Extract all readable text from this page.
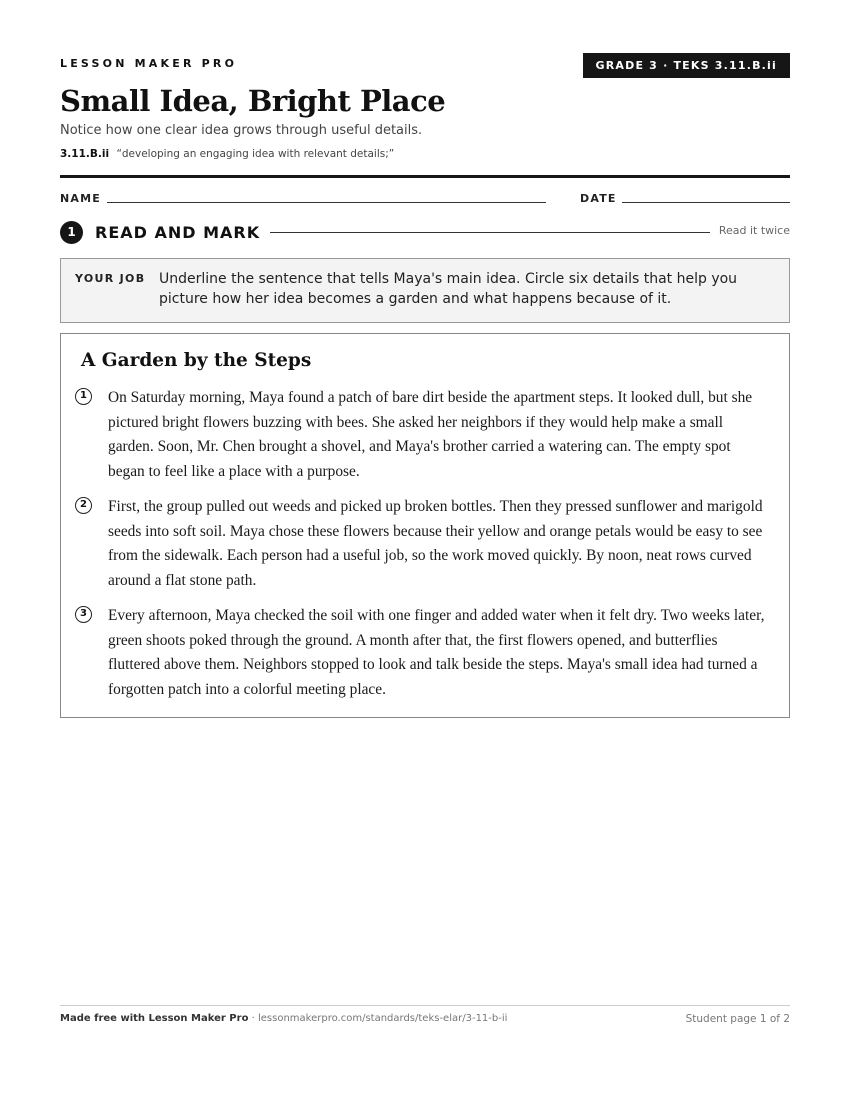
LESSON MAKER PRO	GRADE 3 · TEKS 3.11.B.ii
Small Idea, Bright Place
Notice how one clear idea grows through useful details.
3.11.B.ii “developing an engaging idea with relevant details;”
NAME	DATE
1	READ AND MARK	Read it twice
YOUR JOB Underline the sentence that tells Maya's main idea. Circle six details that help you picture how her idea becomes a garden and what happens because of it.
A Garden by the Steps
1	On Saturday morning, Maya found a patch of bare dirt beside the apartment steps. It looked dull, but she pictured bright flowers buzzing with bees. She asked her neighbors if they would help make a small garden. Soon, Mr. Chen brought a shovel, and Maya's brother carried a watering can. The empty spot began to feel like a place with a purpose.

2	First, the group pulled out weeds and picked up broken bottles. Then they pressed sunflower and marigold seeds into soft soil. Maya chose these flowers because their yellow and orange petals would be easy to see from the sidewalk. Each person had a useful job, so the work moved quickly. By noon, neat rows curved around a flat stone path.

3	Every afternoon, Maya checked the soil with one finger and added water when it felt dry. Two weeks later, green shoots poked through the ground. A month after that, the first flowers opened, and butterflies fluttered above them. Neighbors stopped to look and talk beside the steps. Maya's small idea had turned a forgotten patch into a colorful meeting place.

Made free with Lesson Maker Pro · lessonmakerpro.com/standards/teks-elar/3-11-b-ii	Student page 1 of 2
